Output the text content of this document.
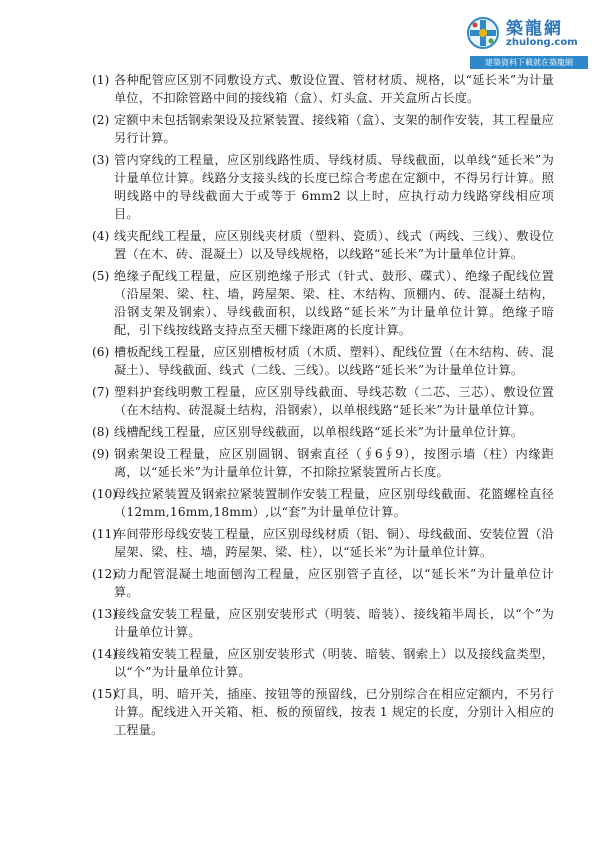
築龍網
zhulong.com
建築資料下載就在築龍網
(1) 各种配管应区别不同敷设方式、敷设位置、管材材质、规格，以“延长米”为计量单位，不扣除管路中间的接线箱（盒）、灯头盒、开关盒所占长度。
(2) 定额中未包括钢索架设及拉紧装置、接线箱（盒）、支架的制作安装，其工程量应另行计算。
(3) 管内穿线的工程量，应区别线路性质、导线材质、导线截面，以单线“延长米”为计量单位计算。线路分支接头线的长度已综合考虑在定额中，不得另行计算。照明线路中的导线截面大于或等于 6mm2 以上时，应执行动力线路穿线相应项目。
(4) 线夹配线工程量，应区别线夹材质（塑料、瓷质）、线式（两线、三线）、敷设位置（在木、砖、混凝土）以及导线规格，以线路“延长米”为计量单位计算。
(5) 绝缘子配线工程量，应区别绝缘子形式（针式、鼓形、碟式）、绝缘子配线位置（沿屋架、梁、柱、墙，跨屋架、梁、柱、木结构、顶棚内、砖、混凝土结构，沿钢支架及钢索）、导线截面积，以线路“延长米”为计量单位计算。绝缘子暗配，引下线按线路支持点至天棚下缘距离的长度计算。
(6) 槽板配线工程量，应区别槽板材质（木质、塑料）、配线位置（在木结构、砖、混凝土）、导线截面、线式（二线、三线）。以线路“延长米”为计量单位计算。
(7) 塑料护套线明敷工程量，应区别导线截面、导线芯数（二芯、三芯）、敷设位置（在木结构、砖混凝土结构，沿钢索），以单根线路“延长米”为计量单位计算。
(8) 线槽配线工程量，应区别导线截面，以单根线路“延长米”为计量单位计算。
(9) 钢索架设工程量，应区别圆钢、钢索直径（∮6∮9），按图示墙（柱）内缘距离，以“延长米”为计量单位计算，不扣除拉紧装置所占长度。
(10)
母线拉紧装置及钢索拉紧装置制作安装工程量，应区别母线截面、花篮螺栓直径（12mm,16mm,18mm）,以“套”为计量单位计算。
(11)
车间带形母线安装工程量，应区别母线材质（铝、铜）、母线截面、安装位置（沿屋架、梁、柱、墙，跨屋架、梁、柱），以“延长米”为计量单位计算。
(12)
动力配管混凝土地面刨沟工程量，应区别管子直径，以“延长米”为计量单位计算。
(13)
接线盒安装工程量，应区别安装形式（明装、暗装）、接线箱半周长，以“个”为计量单位计算。
(14)
接线箱安装工程量，应区别安装形式（明装、暗装、钢索上）以及接线盒类型，以“个”为计量单位计算。
(15)
灯具，明、暗开关，插座、按钮等的预留线，已分别综合在相应定额内，不另行计算。配线进入开关箱、柜、板的预留线，按表 1 规定的长度，分别计入相应的工程量。
